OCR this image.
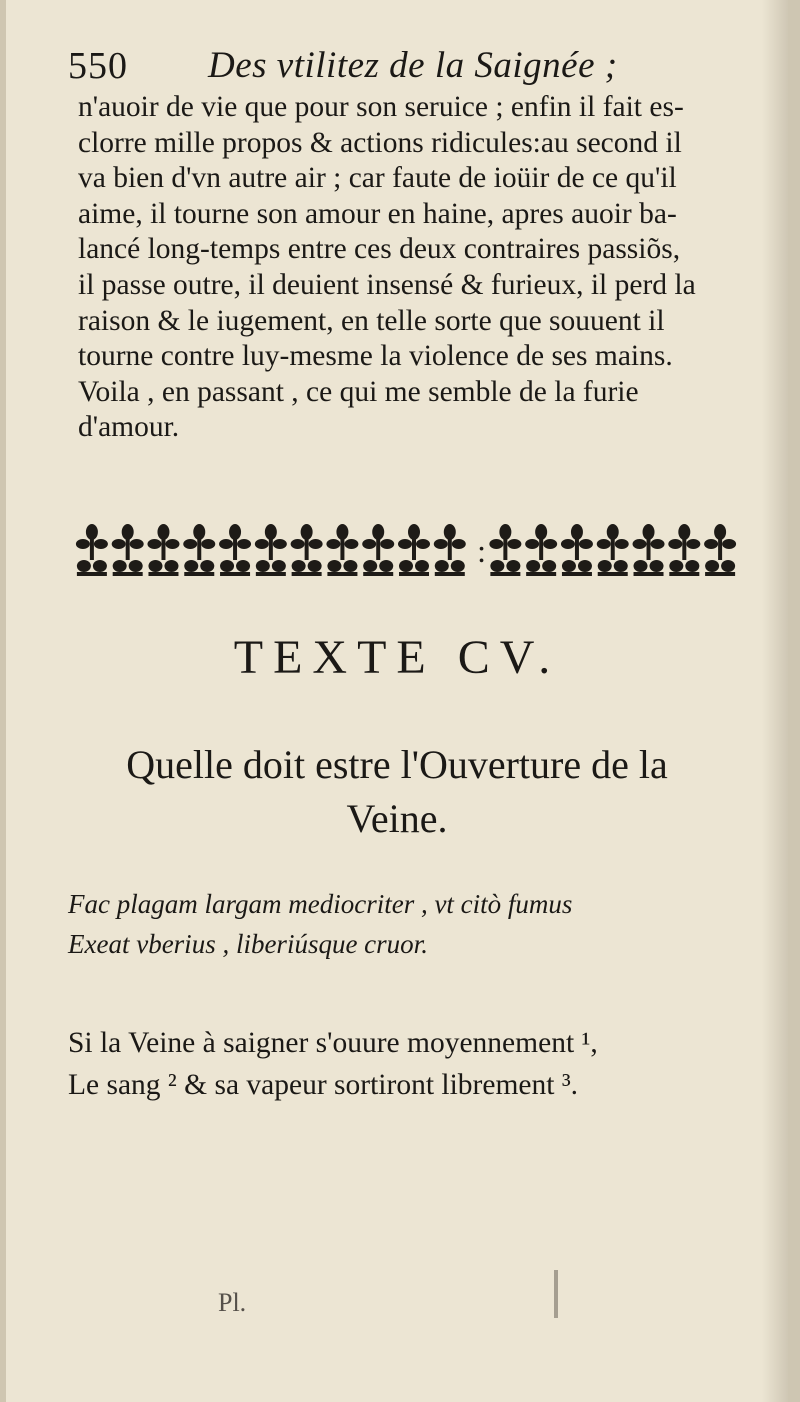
550 Des vtilitez de la Saignée ;
n'auoir de vie que pour son seruice ; enfin il fait es-
clorre mille propos & actions ridicules:au second il
va bien d'vn autre air ; car faute de ioüir de ce qu'il
aime, il tourne son amour en haine, apres auoir ba-
lancé long-temps entre ces deux contraires passiõs,
il passe outre, il deuient insensé & furieux, il perd la
raison & le iugement, en telle sorte que souuent il
tourne contre luy-mesme la violence de ses mains.
Voila , en passant , ce qui me semble de la furie
d'amour.
:
TEXTE CV.
Quelle doit estre l'Ouverture de la
Veine.
Fac plagam largam mediocriter , vt citò fumus
Exeat vberius , liberiúsque cruor.
Si la Veine à saigner s'ouure moyennement ¹,
Le sang ² & sa vapeur sortiront librement ³.
Pl.
